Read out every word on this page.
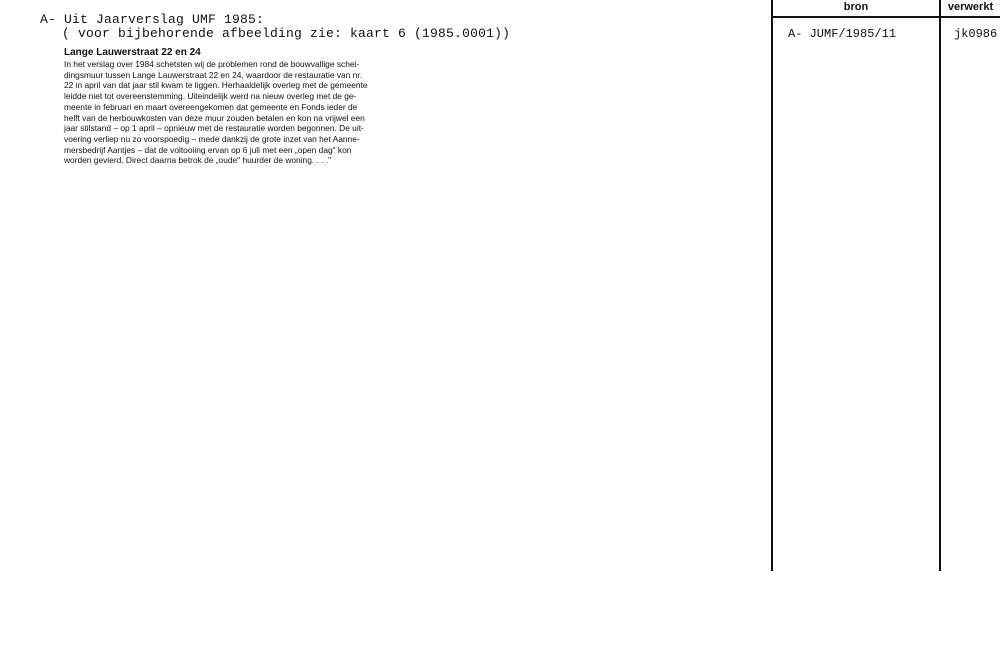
A- Uit Jaarverslag UMF 1985:
( voor bijbehorende afbeelding zie: kaart 6 (1985.0001))
Lange Lauwerstraat 22 en 24
In het verslag over 1984 schetsten wij de problemen rond de bouwvallige schei-
dingsmuur tussen Lange Lauwerstraat 22 en 24, waardoor de restauratie van nr.
22 in april van dat jaar stil kwam te liggen. Herhaaldelijk overleg met de gemeente
leidde niet tot overeenstemming. Uiteindelijk werd na nieuw overleg met de ge-
meente in februari en maart overeengekomen dat gemeente en Fonds ieder de
helft van de herbouwkosten van deze muur zouden betalen en kon na vrijwel een
jaar stilstand – op 1 april – opnieuw met de restauratie worden begonnen. De uit-
voering verliep nu zo voorspoedig – mede dankzij de grote inzet van het Aanne-
mersbedrijf Aantjes – dat de voltooiing ervan op 6 juli met een „open dag" kon
worden gevierd. Direct daarna betrok de „oude" huurder de woning. . . ."
bron	verwerkt
A- JUMF/1985/11	jk0986
